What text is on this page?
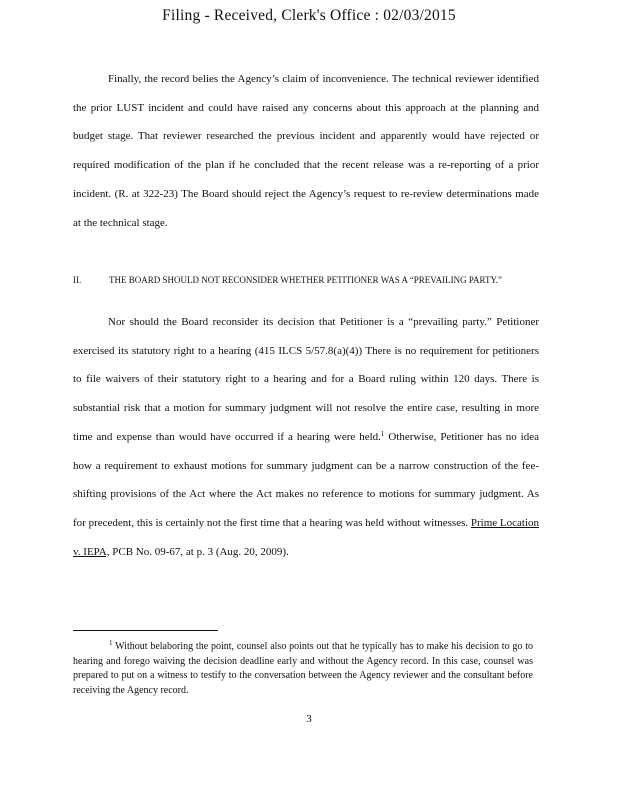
Filing - Received, Clerk's Office : 02/03/2015

Finally, the record belies the Agency’s claim of inconvenience. The technical reviewer identified the prior LUST incident and could have raised any concerns about this approach at the planning and budget stage. That reviewer researched the previous incident and apparently would have rejected or required modification of the plan if he concluded that the recent release was a re-reporting of a prior incident. (R. at 322-23) The Board should reject the Agency’s request to re-review determinations made at the technical stage.

II.	THE BOARD SHOULD NOT RECONSIDER WHETHER PETITIONER WAS A “PREVAILING PARTY.”

Nor should the Board reconsider its decision that Petitioner is a “prevailing party.” Petitioner exercised its statutory right to a hearing (415 ILCS 5/57.8(a)(4)) There is no requirement for petitioners to file waivers of their statutory right to a hearing and for a Board ruling within 120 days. There is substantial risk that a motion for summary judgment will not resolve the entire case, resulting in more time and expense than would have occurred if a hearing were held.$^1$ Otherwise, Petitioner has no idea how a requirement to exhaust motions for summary judgment can be a narrow construction of the fee-shifting provisions of the Act where the Act makes no reference to motions for summary judgment. As for precedent, this is certainly not the first time that a hearing was held without witnesses. Prime Location v. IEPA, PCB No. 09-67, at p. 3 (Aug. 20, 2009).

$^1$ Without belaboring the point, counsel also points out that he typically has to make his decision to go to hearing and forego waiving the decision deadline early and without the Agency record. In this case, counsel was prepared to put on a witness to testify to the conversation between the Agency reviewer and the consultant before receiving the Agency record.

3
